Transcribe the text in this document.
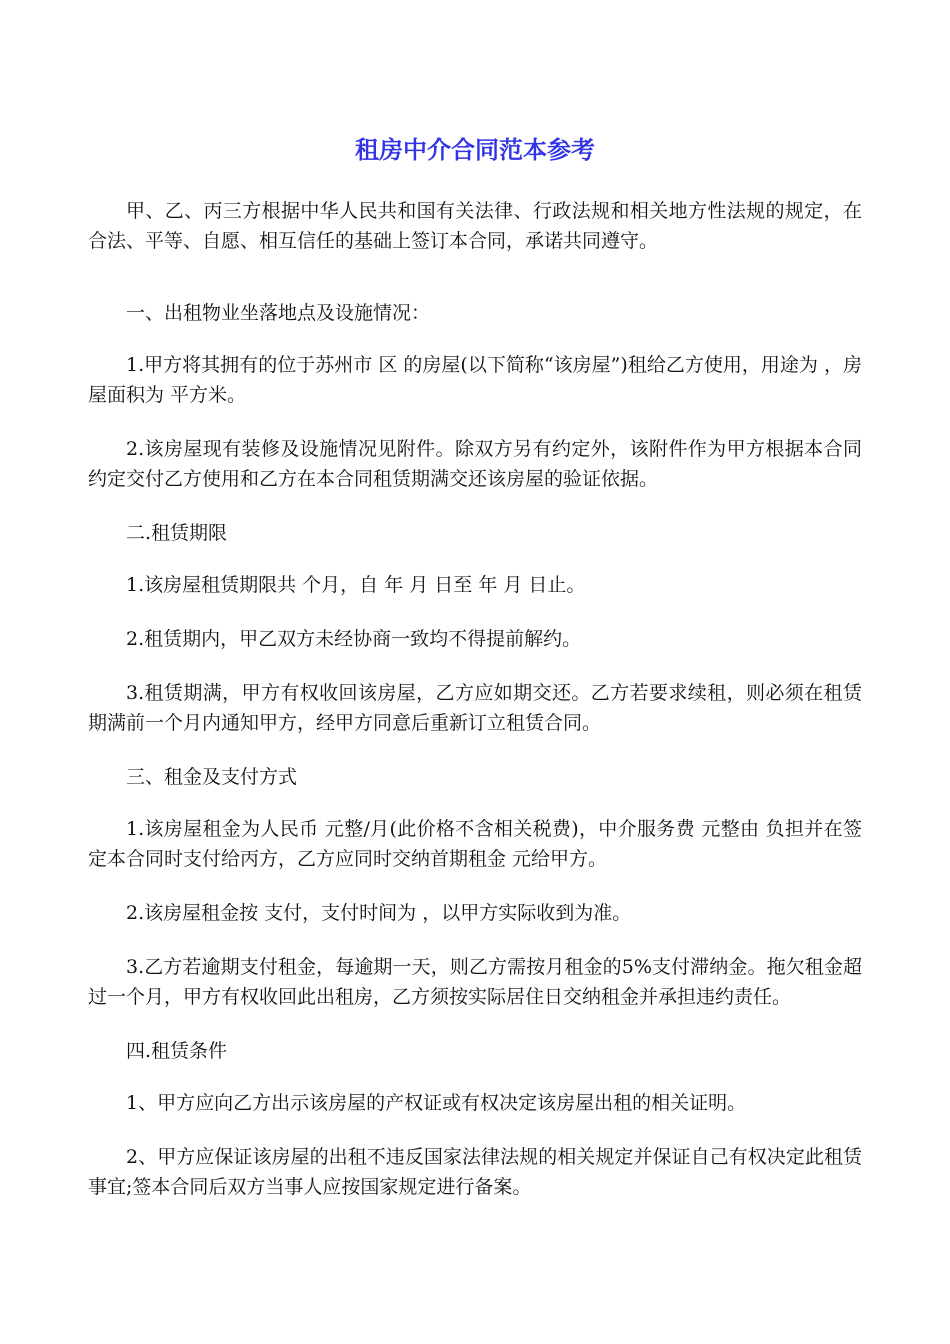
租房中介合同范本参考

甲、乙、丙三方根据中华人民共和国有关法律、行政法规和相关地方性法规的规定，在合法、平等、自愿、相互信任的基础上签订本合同，承诺共同遵守。

一、出租物业坐落地点及设施情况：

1.甲方将其拥有的位于苏州市 区 的房屋(以下简称“该房屋”)租给乙方使用，用途为 ，房屋面积为 平方米。

2.该房屋现有装修及设施情况见附件。除双方另有约定外，该附件作为甲方根据本合同约定交付乙方使用和乙方在本合同租赁期满交还该房屋的验证依据。

二.租赁期限

1.该房屋租赁期限共 个月，自 年 月 日至 年 月 日止。

2.租赁期内，甲乙双方未经协商一致均不得提前解约。

3.租赁期满，甲方有权收回该房屋，乙方应如期交还。乙方若要求续租，则必须在租赁期满前一个月内通知甲方，经甲方同意后重新订立租赁合同。

三、租金及支付方式

1.该房屋租金为人民币 元整/月(此价格不含相关税费)，中介服务费 元整由 负担并在签定本合同时支付给丙方，乙方应同时交纳首期租金 元给甲方。

2.该房屋租金按 支付，支付时间为 ，以甲方实际收到为准。

3.乙方若逾期支付租金，每逾期一天，则乙方需按月租金的5%支付滞纳金。拖欠租金超过一个月，甲方有权收回此出租房，乙方须按实际居住日交纳租金并承担违约责任。

四.租赁条件

1、甲方应向乙方出示该房屋的产权证或有权决定该房屋出租的相关证明。

2、甲方应保证该房屋的出租不违反国家法律法规的相关规定并保证自己有权决定此租赁事宜;签本合同后双方当事人应按国家规定进行备案。
